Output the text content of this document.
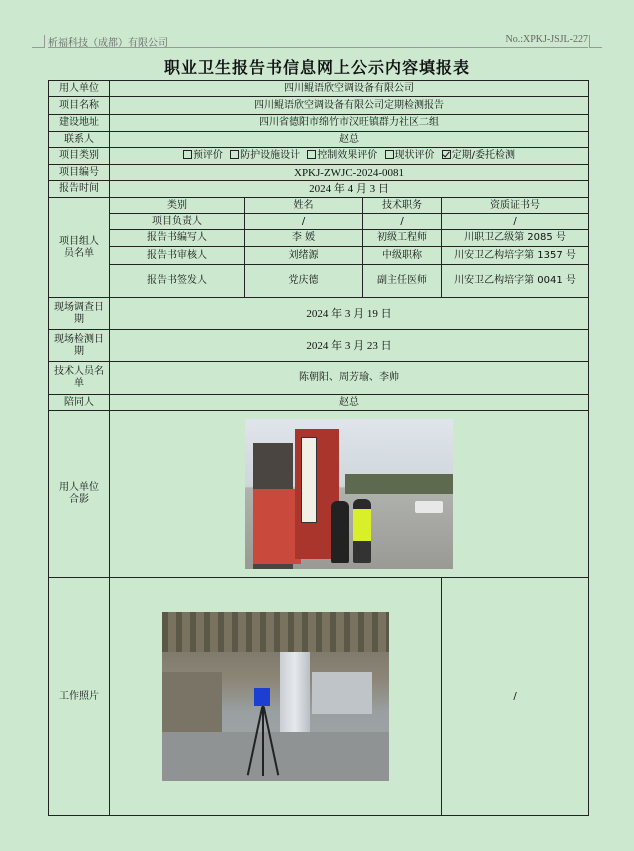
析福科技（成都）有限公司	No.:XPKJ-JSJL-227
职业卫生报告书信息网上公示内容填报表
用人单位	四川鲲语欣空调设备有限公司			
项目名称	四川鲲语欣空调设备有限公司定期检测报告			
建设地址	四川省德阳市绵竹市汉旺镇群力社区二组			
联系人	赵总			
项目类别	预评价 防护设施设计 控制效果评价 现状评价 定期/委托检测			
项目编号	XPKJ-ZWJC-2024-0081			
报告时间	2024 年 4 月 3 日			
项目组人员名单	类别	姓名	技术职务	资质证书号
	项目负责人	/	/	/
	报告书编写人	李 媛	初级工程师	川职卫乙级第 2085 号
	报告书审核人	刘绪源	中级职称	川安卫乙构培字第 1357 号
	报告书签发人	党庆德	副主任医师	川安卫乙构培字第 0041 号
现场调查日期	2024 年 3 月 19 日			
现场检测日期	2024 年 3 月 23 日			
技术人员名单	陈朝阳、周芳瑜、李帅			
陪同人	赵总			
用人单位合影				

工作照片				/
